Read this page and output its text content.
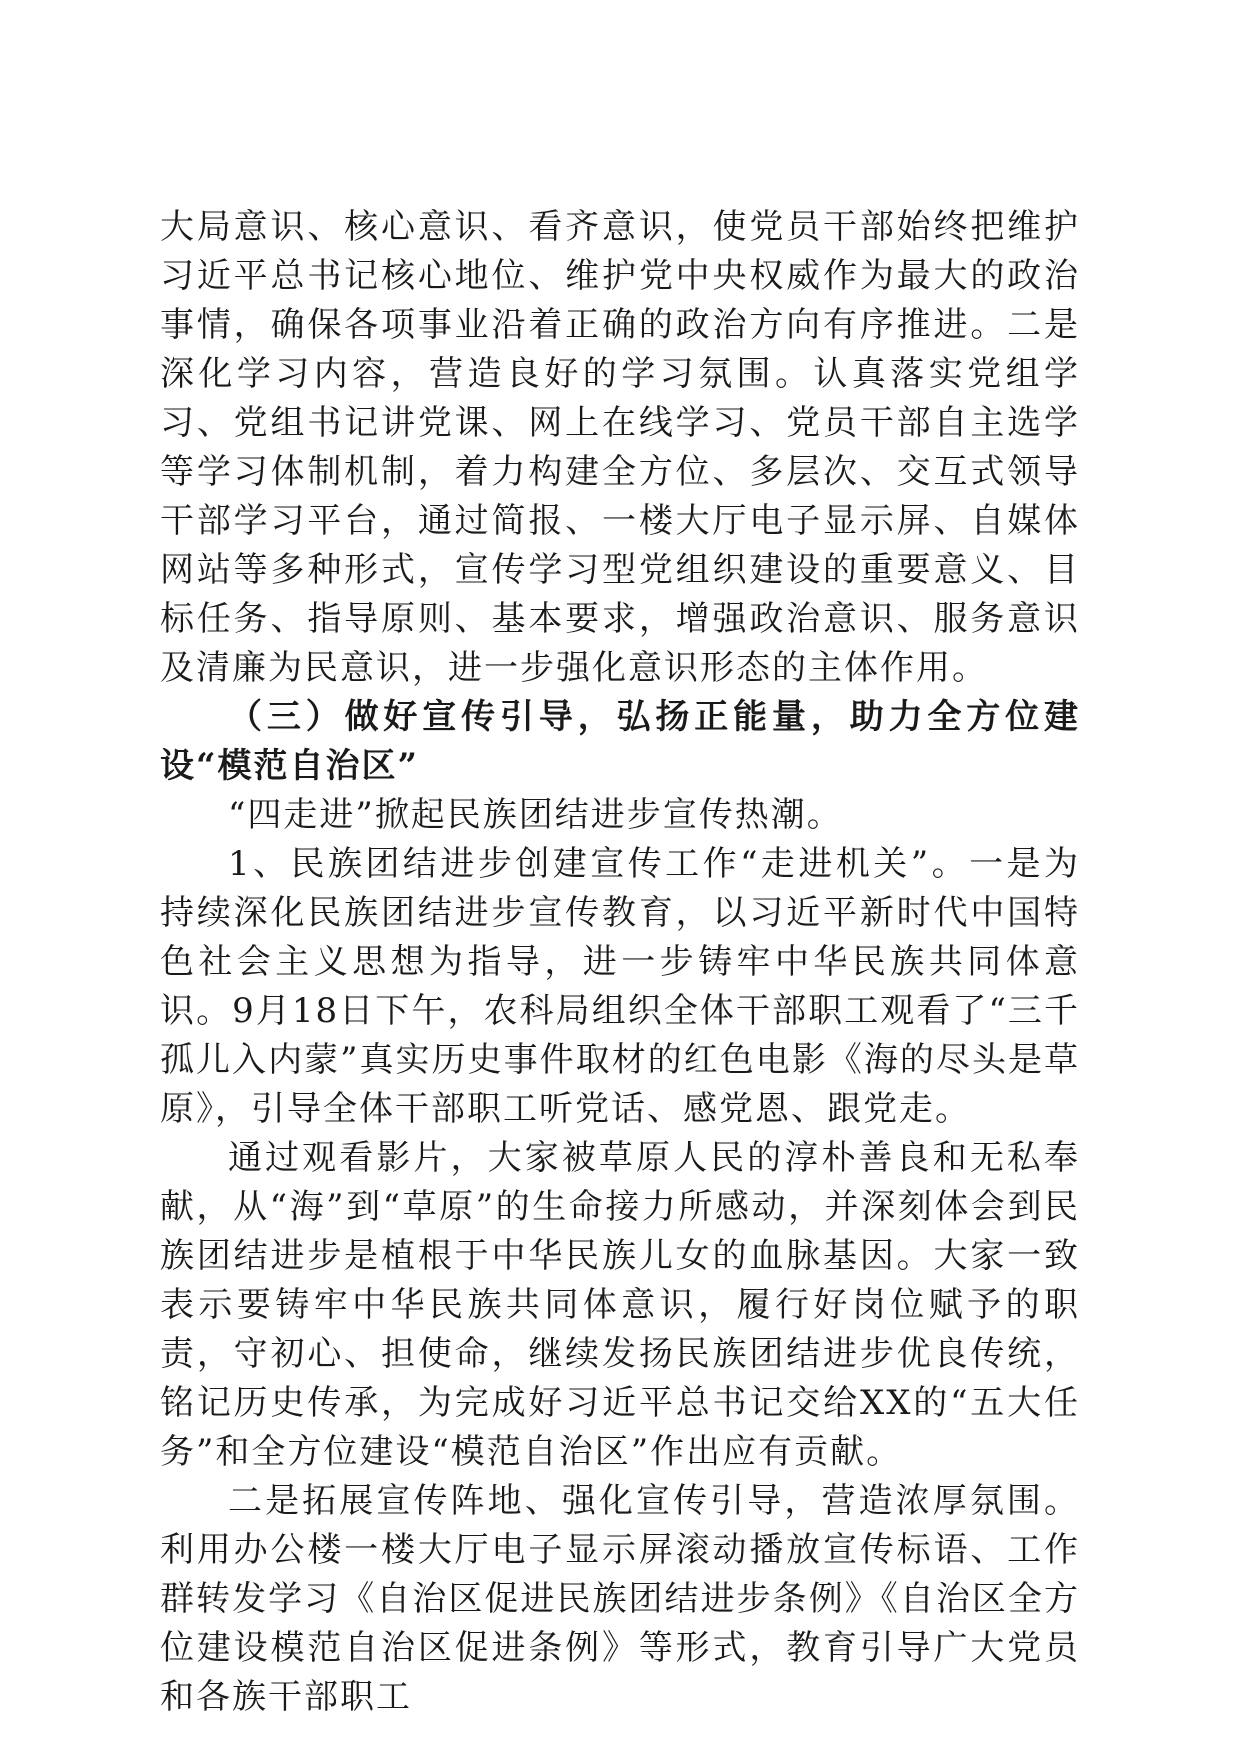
大局意识、核心意识、看齐意识，使党员干部始终把维护习近平总书记核心地位、维护党中央权威作为最大的政治事情，确保各项事业沿着正确的政治方向有序推进。二是深化学习内容，营造良好的学习氛围。认真落实党组学习、党组书记讲党课、网上在线学习、党员干部自主选学等学习体制机制，着力构建全方位、多层次、交互式领导干部学习平台，通过简报、一楼大厅电子显示屏、自媒体网站等多种形式，宣传学习型党组织建设的重要意义、目标任务、指导原则、基本要求，增强政治意识、服务意识及清廉为民意识，进一步强化意识形态的主体作用。

（三）做好宣传引导，弘扬正能量，助力全方位建设“模范自治区”

“四走进”掀起民族团结进步宣传热潮。

1、民族团结进步创建宣传工作“走进机关”。一是为持续深化民族团结进步宣传教育，以习近平新时代中国特色社会主义思想为指导，进一步铸牢中华民族共同体意识。9月18日下午，农科局组织全体干部职工观看了“三千孤儿入内蒙”真实历史事件取材的红色电影《海的尽头是草原》，引导全体干部职工听党话、感党恩、跟党走。

通过观看影片，大家被草原人民的淳朴善良和无私奉献，从“海”到“草原”的生命接力所感动，并深刻体会到民族团结进步是植根于中华民族儿女的血脉基因。大家一致表示要铸牢中华民族共同体意识，履行好岗位赋予的职责，守初心、担使命，继续发扬民族团结进步优良传统，铭记历史传承，为完成好习近平总书记交给XX的“五大任务”和全方位建设“模范自治区”作出应有贡献。

二是拓展宣传阵地、强化宣传引导，营造浓厚氛围。利用办公楼一楼大厅电子显示屏滚动播放宣传标语、工作群转发学习《自治区促进民族团结进步条例》《自治区全方位建设模范自治区促进条例》等形式，教育引导广大党员和各族干部职工
